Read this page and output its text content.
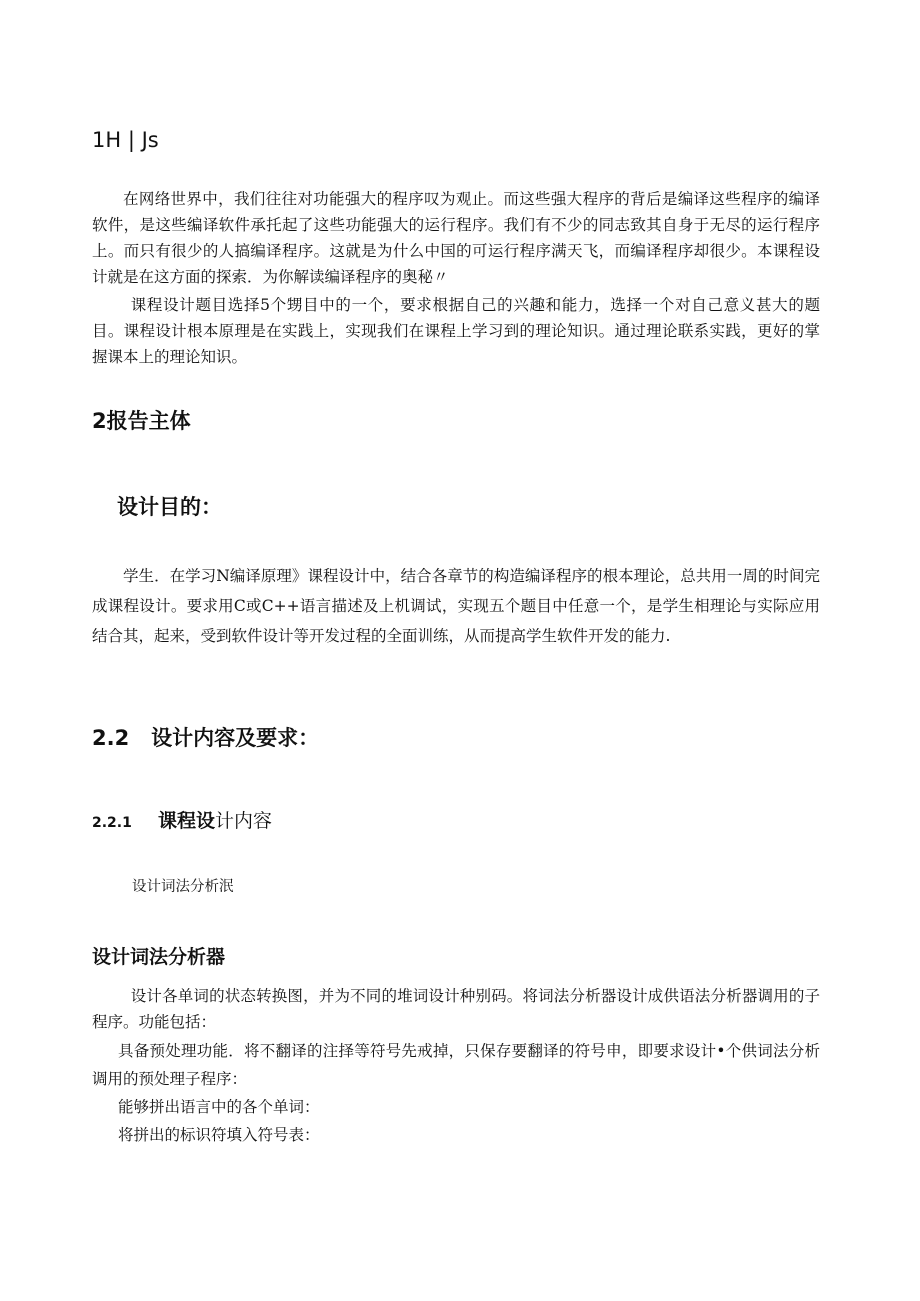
1H | Js

在网络世界中，我们往往对功能强大的程序叹为观止。而这些强大程序的背后是编译这些程序的编译软件，是这些编译软件承托起了这些功能强大的运行程序。我们有不少的同志致其自身于无尽的运行程序上。而只有很少的人搞编译程序。这就是为什么中国的可运行程序满天飞，而编译程序却很少。本课程设计就是在这方面的探索．为你解读编译程序的奥秘〃

课程设计题目选择5个甥目中的一个，要求根据自己的兴趣和能力，选择一个对自己意义甚大的题目。课程设计根本原理是在实践上，实现我们在课程上学习到的理论知识。通过理论联系实践，更好的掌握课本上的理论知识。

2报告主体
设计目的：

学生．在学习N编译原理》课程设计中，结合各章节的构造编译程序的根本理论，总共用一周的时间完成课程设计。要求用C或C++语言描述及上机调试，实现五个题目中任意一个，是学生相理论与实际应用结合其，起来，受到软件设计等开发过程的全面训练，从而提高学生软件开发的能力.

2.2   设计内容及要求：
2.2.1 课程设计内容

设计词法分析泯

设计词法分析器

设计各单词的状态转换图，并为不同的堆词设计种别码。将词法分析器设计成供语法分析器调用的子程序。功能包括：

具备预处理功能．将不翻译的注择等符号先戒掉，只保存要翻译的符号申，即要求设计•个供词法分析调用的预处理子程序：

能够拼出语言中的各个单词：

将拼出的标识符填入符号表：
